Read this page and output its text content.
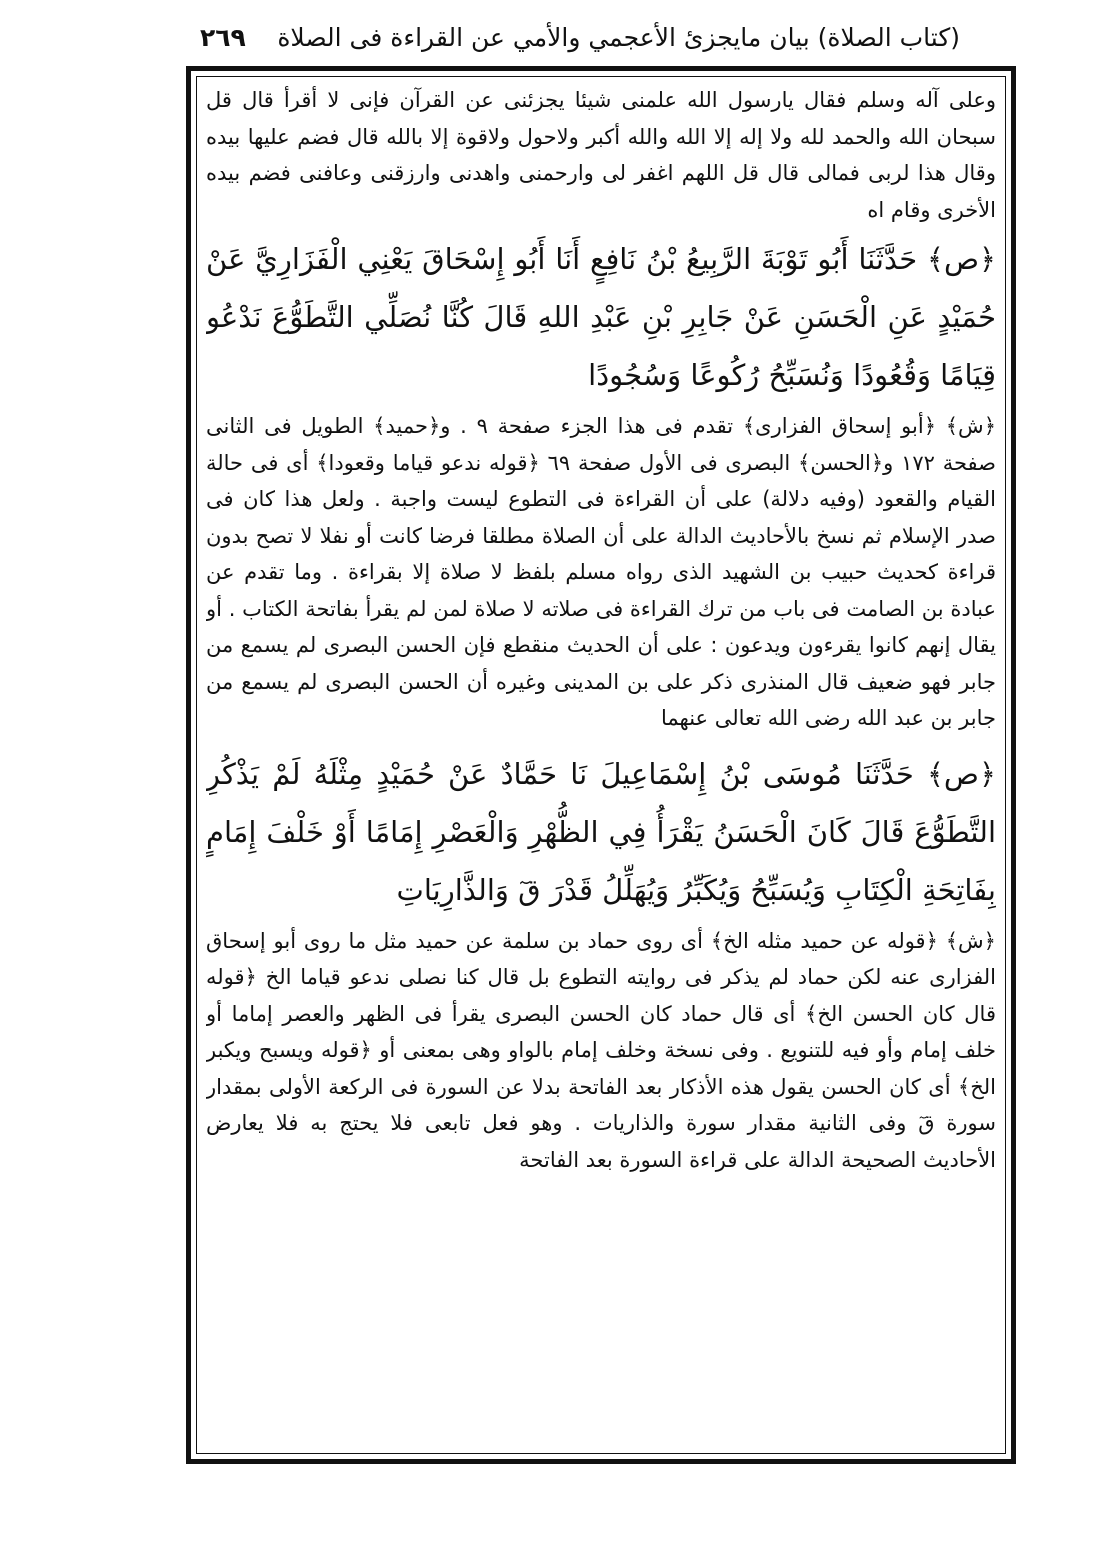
(كتاب الصلاة) بيان مايجزئ الأعجمي والأمي عن القراءة فى الصلاة
٢٦٩

وعلى آله وسلم فقال يارسول الله علمنى شيئا يجزئنى عن القرآن فإنى لا أقرأ قال قل سبحان الله والحمد لله ولا إله إلا الله والله أكبر ولاحول ولاقوة إلا بالله قال فضم عليها بيده وقال هذا لربى فمالى قال قل اللهم اغفر لى وارحمنى واهدنى وارزقنى وعافنى فضم بيده الأخرى وقام اه

﴿ص﴾ حَدَّثَنَا أَبُو تَوْبَةَ الرَّبِيعُ بْنُ نَافِعٍ أَنَا أَبُو إِسْحَاقَ يَعْنِي الْفَزَارِيَّ عَنْ حُمَيْدٍ عَنِ الْحَسَنِ عَنْ جَابِرِ بْنِ عَبْدِ اللهِ قَالَ كُنَّا نُصَلِّي التَّطَوُّعَ نَدْعُو قِيَامًا وَقُعُودًا وَنُسَبِّحُ رُكُوعًا وَسُجُودًا

﴿ش﴾ ﴿أبو إسحاق الفزارى﴾ تقدم فى هذا الجزء صفحة ٩ . و﴿حميد﴾ الطويل فى الثانى صفحة ١٧٢ و﴿الحسن﴾ البصرى فى الأول صفحة ٦٩ ﴿قوله ندعو قياما وقعودا﴾ أى فى حالة القيام والقعود (وفيه دلالة) على أن القراءة فى التطوع ليست واجبة . ولعل هذا كان فى صدر الإسلام ثم نسخ بالأحاديث الدالة على أن الصلاة مطلقا فرضا كانت أو نفلا لا تصح بدون قراءة كحديث حبيب بن الشهيد الذى رواه مسلم بلفظ لا صلاة إلا بقراءة . وما تقدم عن عبادة بن الصامت فى باب من ترك القراءة فى صلاته لا صلاة لمن لم يقرأ بفاتحة الكتاب . أو يقال إنهم كانوا يقرءون ويدعون : على أن الحديث منقطع فإن الحسن البصرى لم يسمع من جابر فهو ضعيف قال المنذرى ذكر على بن المدينى وغيره أن الحسن البصرى لم يسمع من جابر بن عبد الله رضى الله تعالى عنهما

﴿ص﴾ حَدَّثَنَا مُوسَى بْنُ إِسْمَاعِيلَ نَا حَمَّادٌ عَنْ حُمَيْدٍ مِثْلَهُ لَمْ يَذْكُرِ التَّطَوُّعَ قَالَ كَانَ الْحَسَنُ يَقْرَأُ فِي الظُّهْرِ وَالْعَصْرِ إِمَامًا أَوْ خَلْفَ إِمَامٍ بِفَاتِحَةِ الْكِتَابِ وَيُسَبِّحُ وَيُكَبِّرُ وَيُهَلِّلُ قَدْرَ قٓ وَالذَّارِيَاتِ

﴿ش﴾ ﴿قوله عن حميد مثله الخ﴾ أى روى حماد بن سلمة عن حميد مثل ما روى أبو إسحاق الفزارى عنه لكن حماد لم يذكر فى روايته التطوع بل قال كنا نصلى ندعو قياما الخ ﴿قوله قال كان الحسن الخ﴾ أى قال حماد كان الحسن البصرى يقرأ فى الظهر والعصر إماما أو خلف إمام وأو فيه للتنويع . وفى نسخة وخلف إمام بالواو وهى بمعنى أو ﴿قوله ويسبح ويكبر الخ﴾ أى كان الحسن يقول هذه الأذكار بعد الفاتحة بدلا عن السورة فى الركعة الأولى بمقدار سورة قٓ وفى الثانية مقدار سورة والذاريات . وهو فعل تابعى فلا يحتج به فلا يعارض الأحاديث الصحيحة الدالة على قراءة السورة بعد الفاتحة
